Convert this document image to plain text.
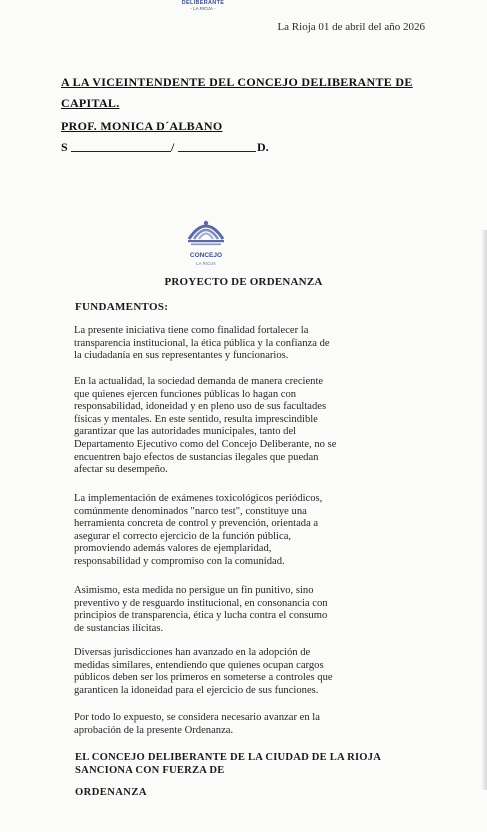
DELIBERANTE
- LA RIOJA -
La Rioja 01 de abril del año 2026
A LA VICEINTENDENTE DEL CONCEJO DELIBERANTE DE
CAPITAL.
PROF. MONICA D´ALBANO
S	/	D.
CONCEJO
LA RIOJA
PROYECTO DE ORDENANZA
FUNDAMENTOS:

La presente iniciativa tiene como finalidad fortalecer la
transparencia institucional, la ética pública y la confianza de
la ciudadanía en sus representantes y funcionarios.

En la actualidad, la sociedad demanda de manera creciente
que quienes ejercen funciones públicas lo hagan con
responsabilidad, idoneidad y en pleno uso de sus facultades
físicas y mentales. En este sentido, resulta imprescindible
garantizar que las autoridades municipales, tanto del
Departamento Ejecutivo como del Concejo Deliberante, no se
encuentren bajo efectos de sustancias ilegales que puedan
afectar su desempeño.

La implementación de exámenes toxicológicos periódicos,
comúnmente denominados "narco test", constituye una
herramienta concreta de control y prevención, orientada a
asegurar el correcto ejercicio de la función pública,
promoviendo además valores de ejemplaridad,
responsabilidad y compromiso con la comunidad.

Asimismo, esta medida no persigue un fin punitivo, sino
preventivo y de resguardo institucional, en consonancia con
principios de transparencia, ética y lucha contra el consumo
de sustancias ilícitas.

Diversas jurisdicciones han avanzado en la adopción de
medidas similares, entendiendo que quienes ocupan cargos
públicos deben ser los primeros en someterse a controles que
garanticen la idoneidad para el ejercicio de sus funciones.

Por todo lo expuesto, se considera necesario avanzar en la
aprobación de la presente Ordenanza.

EL CONCEJO DELIBERANTE DE LA CIUDAD DE LA RIOJA
SANCIONA CON FUERZA DE
ORDENANZA
